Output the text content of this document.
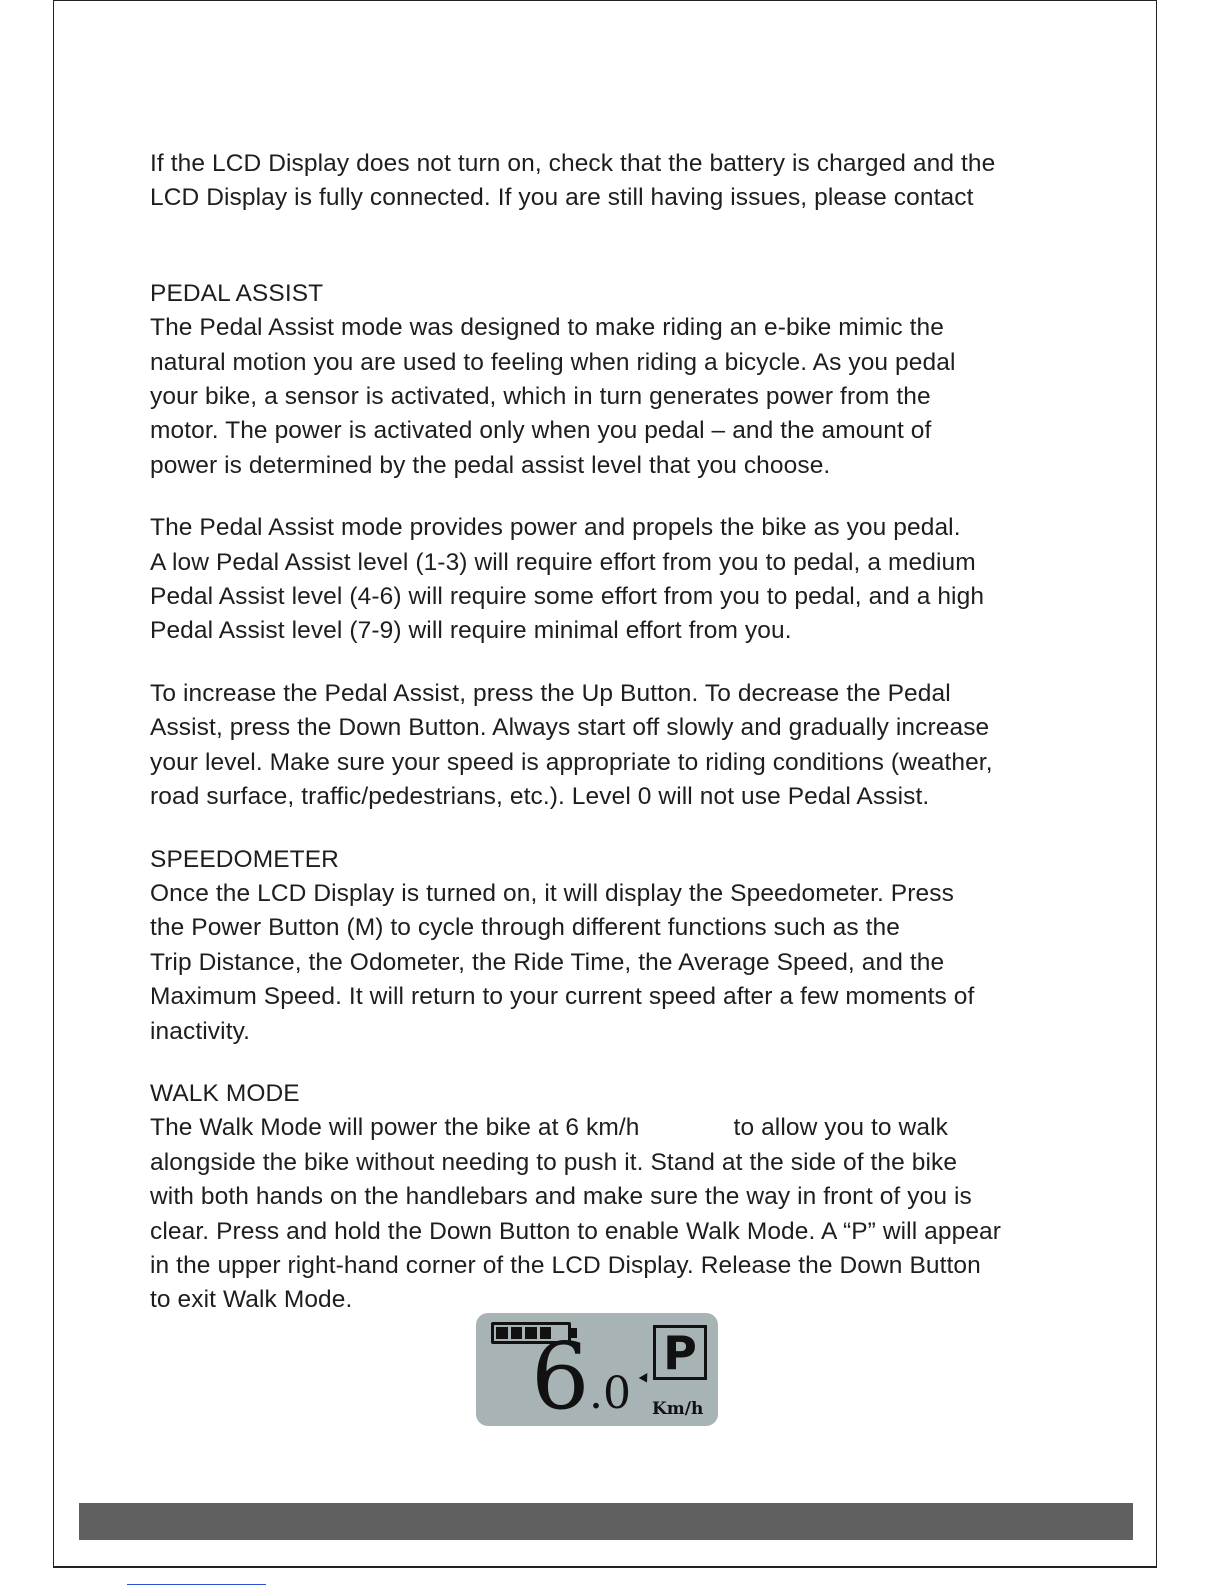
If the LCD Display does not turn on, check that the battery is charged and the
LCD Display is fully connected. If you are still having issues, please contact

PEDAL ASSIST

The Pedal Assist mode was designed to make riding an e-bike mimic the
natural motion you are used to feeling when riding a bicycle. As you pedal
your bike, a sensor is activated, which in turn generates power from the
motor. The power is activated only when you pedal – and the amount of
power is determined by the pedal assist level that you choose.

The Pedal Assist mode provides power and propels the bike as you pedal.
A low Pedal Assist level (1-3) will require effort from you to pedal, a medium
Pedal Assist level (4-6) will require some effort from you to pedal, and a high
Pedal Assist level (7-9) will require minimal effort from you.

To increase the Pedal Assist, press the Up Button. To decrease the Pedal
Assist, press the Down Button. Always start off slowly and gradually increase
your level. Make sure your speed is appropriate to riding conditions (weather,
road surface, traffic/pedestrians, etc.). Level 0 will not use Pedal Assist.

SPEEDOMETER

Once the LCD Display is turned on, it will display the Speedometer. Press
the Power Button (M) to cycle through different functions such as the
Trip Distance, the Odometer, the Ride Time, the Average Speed, and the
Maximum Speed. It will return to your current speed after a few moments of
inactivity.

WALK MODE

The Walk Mode will power the bike at 6 km/h	to allow you to walk
alongside the bike without needing to push it. Stand at the side of the bike
with both hands on the handlebars and make sure the way in front of you is
clear. Press and hold the Down Button to enable Walk Mode. A “P” will appear
in the upper right-hand corner of the LCD Display. Release the Down Button
to exit Walk Mode.

6 .0
P
Km/h
